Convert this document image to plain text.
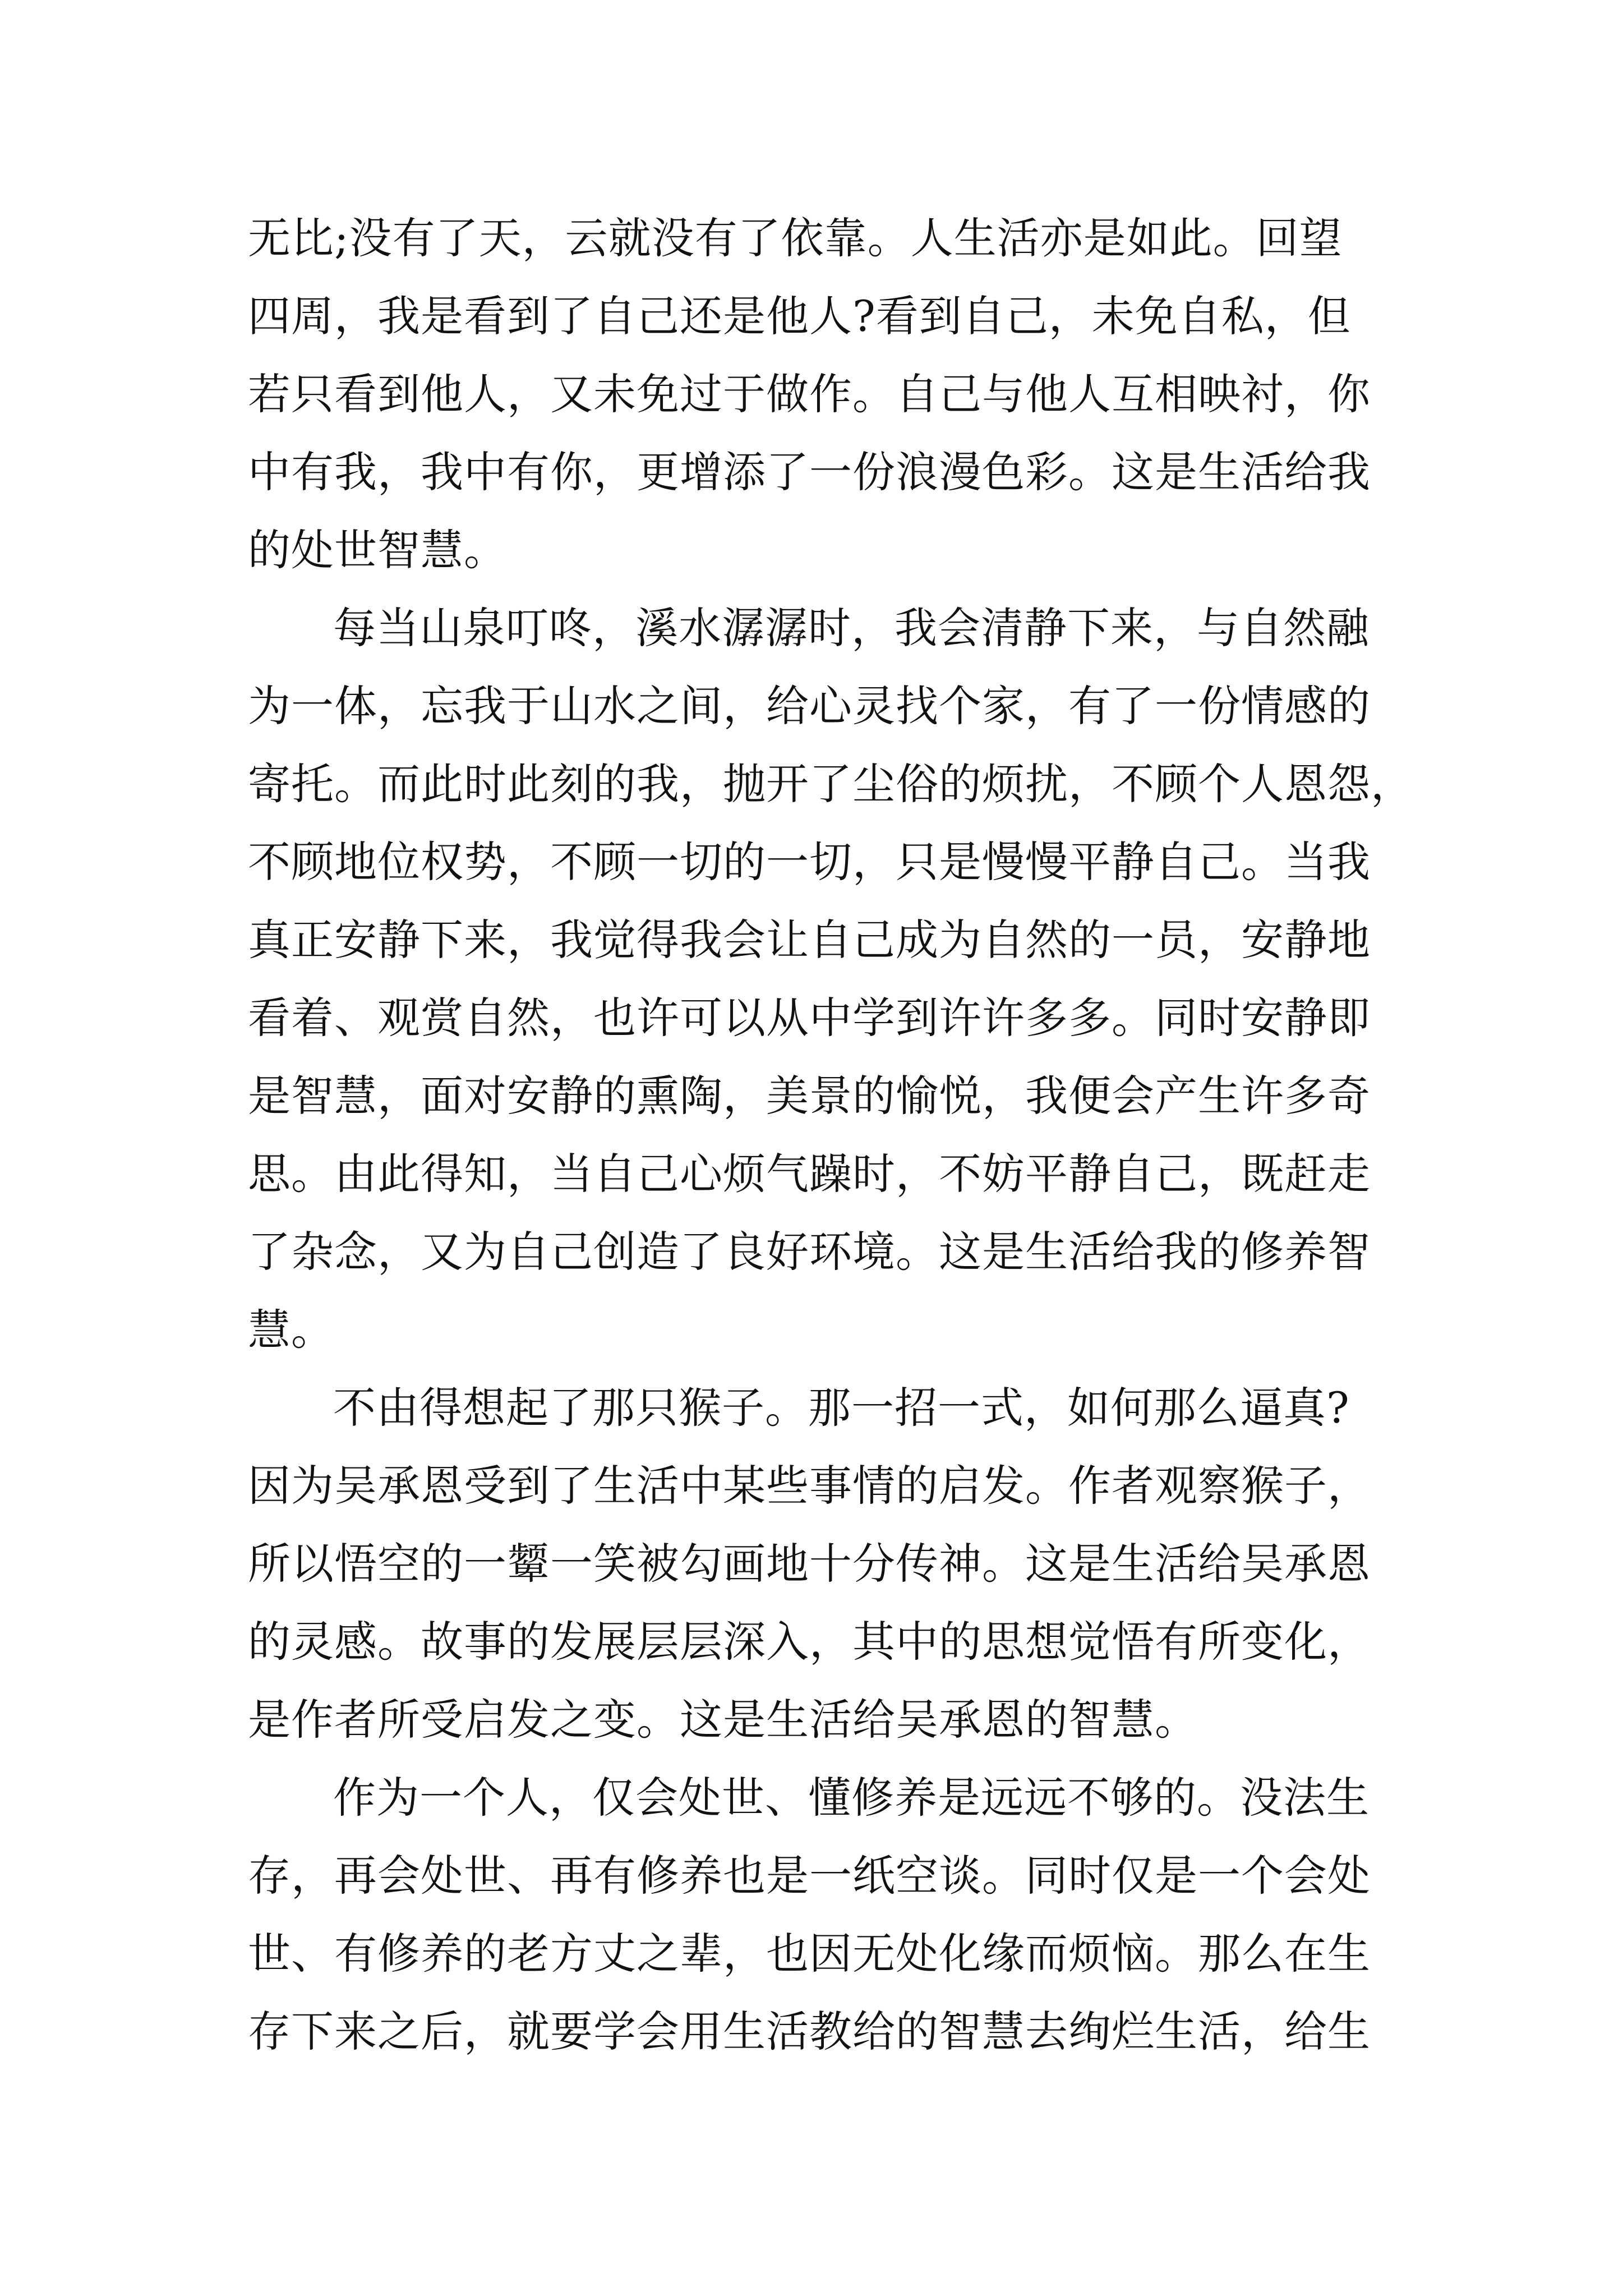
无比;没有了天，云就没有了依靠。人生活亦是如此。回望
四周，我是看到了自己还是他人?看到自己，未免自私，但
若只看到他人，又未免过于做作。自己与他人互相映衬，你
中有我，我中有你，更增添了一份浪漫色彩。这是生活给我
的处世智慧。
每当山泉叮咚，溪水潺潺时，我会清静下来，与自然融
为一体，忘我于山水之间，给心灵找个家，有了一份情感的
寄托。而此时此刻的我，抛开了尘俗的烦扰，不顾个人恩怨，
不顾地位权势，不顾一切的一切，只是慢慢平静自己。当我
真正安静下来，我觉得我会让自己成为自然的一员，安静地
看着、观赏自然，也许可以从中学到许许多多。同时安静即
是智慧，面对安静的熏陶，美景的愉悦，我便会产生许多奇
思。由此得知，当自己心烦气躁时，不妨平静自己，既赶走
了杂念，又为自己创造了良好环境。这是生活给我的修养智
慧。
不由得想起了那只猴子。那一招一式，如何那么逼真?
因为吴承恩受到了生活中某些事情的启发。作者观察猴子，
所以悟空的一颦一笑被勾画地十分传神。这是生活给吴承恩
的灵感。故事的发展层层深入，其中的思想觉悟有所变化，
是作者所受启发之变。这是生活给吴承恩的智慧。
作为一个人，仅会处世、懂修养是远远不够的。没法生
存，再会处世、再有修养也是一纸空谈。同时仅是一个会处
世、有修养的老方丈之辈，也因无处化缘而烦恼。那么在生
存下来之后，就要学会用生活教给的智慧去绚烂生活，给生
